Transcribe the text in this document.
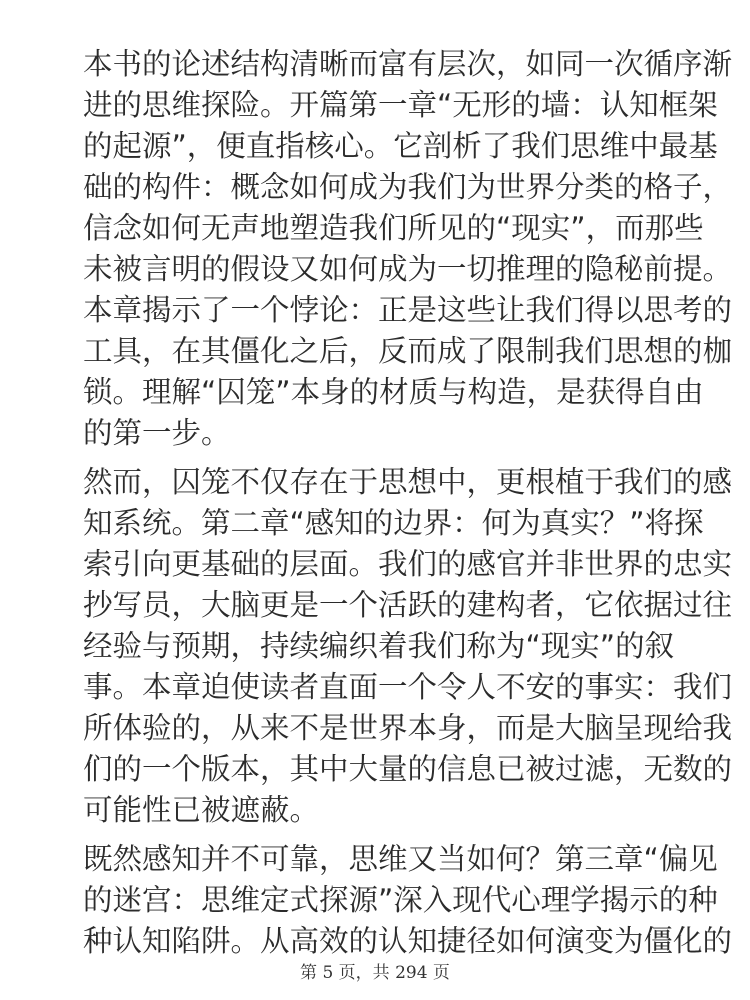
本书的论述结构清晰而富有层次，如同一次循序渐
进的思维探险。开篇第一章“无形的墙：认知框架
的起源”，便直指核心。它剖析了我们思维中最基
础的构件：概念如何成为我们为世界分类的格子，
信念如何无声地塑造我们所见的“现实”，而那些
未被言明的假设又如何成为一切推理的隐秘前提。
本章揭示了一个悖论：正是这些让我们得以思考的
工具，在其僵化之后，反而成了限制我们思想的枷
锁。理解“囚笼”本身的材质与构造，是获得自由
的第一步。

然而，囚笼不仅存在于思想中，更根植于我们的感
知系统。第二章“感知的边界：何为真实？”将探
索引向更基础的层面。我们的感官并非世界的忠实
抄写员，大脑更是一个活跃的建构者，它依据过往
经验与预期，持续编织着我们称为“现实”的叙
事。本章迫使读者直面一个令人不安的事实：我们
所体验的，从来不是世界本身，而是大脑呈现给我
们的一个版本，其中大量的信息已被过滤，无数的
可能性已被遮蔽。

既然感知并不可靠，思维又当如何？第三章“偏见
的迷宫：思维定式探源”深入现代心理学揭示的种
种认知陷阱。从高效的认知捷径如何演变为僵化的

第 5 页，共 294 页
